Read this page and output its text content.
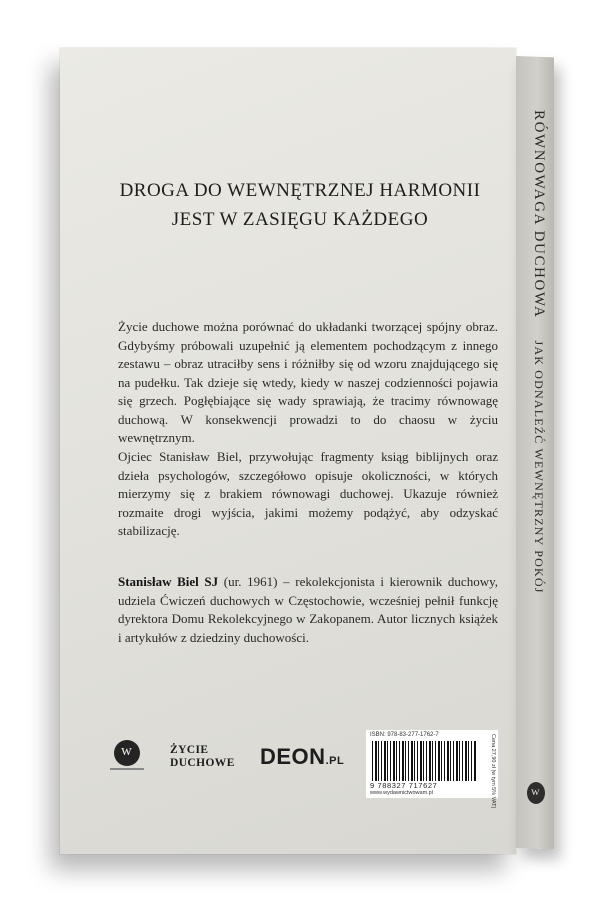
RÓWNOWAGA DUCHOWAJAK ODNALEŹĆ WEWNĘTRZNY POKÓJ
w
DROGA DO WEWNĘTRZNEJ HARMONII
JEST W ZASIĘGU KAŻDEGO

Życie duchowe można porównać do układanki tworzącej spójny obraz. Gdybyśmy próbowali uzupełnić ją elementem pochodzącym z innego zestawu – obraz utraciłby sens i różniłby się od wzoru znajdującego się na pudełku. Tak dzieje się wtedy, kiedy w naszej codzienności pojawia się grzech. Pogłębiające się wady sprawiają, że tracimy równowagę duchową. W konsekwencji prowadzi to do chaosu w życiu wewnętrznym.

Ojciec Stanisław Biel, przywołując fragmenty ksiąg biblijnych oraz dzieła psychologów, szczegółowo opisuje okoliczności, w których mierzymy się z brakiem równowagi duchowej. Ukazuje również rozmaite drogi wyjścia, jakimi możemy podążyć, aby odzyskać stabilizację.

Stanisław Biel SJ (ur. 1961) – rekolekcjonista i kierownik duchowy, udziela Ćwiczeń duchowych w Częstochowie, wcześniej pełnił funkcję dyrektora Domu Rekolekcyjnego w Zakopanem. Autor licznych książek i artykułów z dziedziny duchowości.

w
ŻYCIE
DUCHOWE DEON.PL
ISBN: 978-83-277-1762-7
9 788327 717627
www.wydawnictwowam.pl	Cena 27,90 zł (w tym 5% VAT)
